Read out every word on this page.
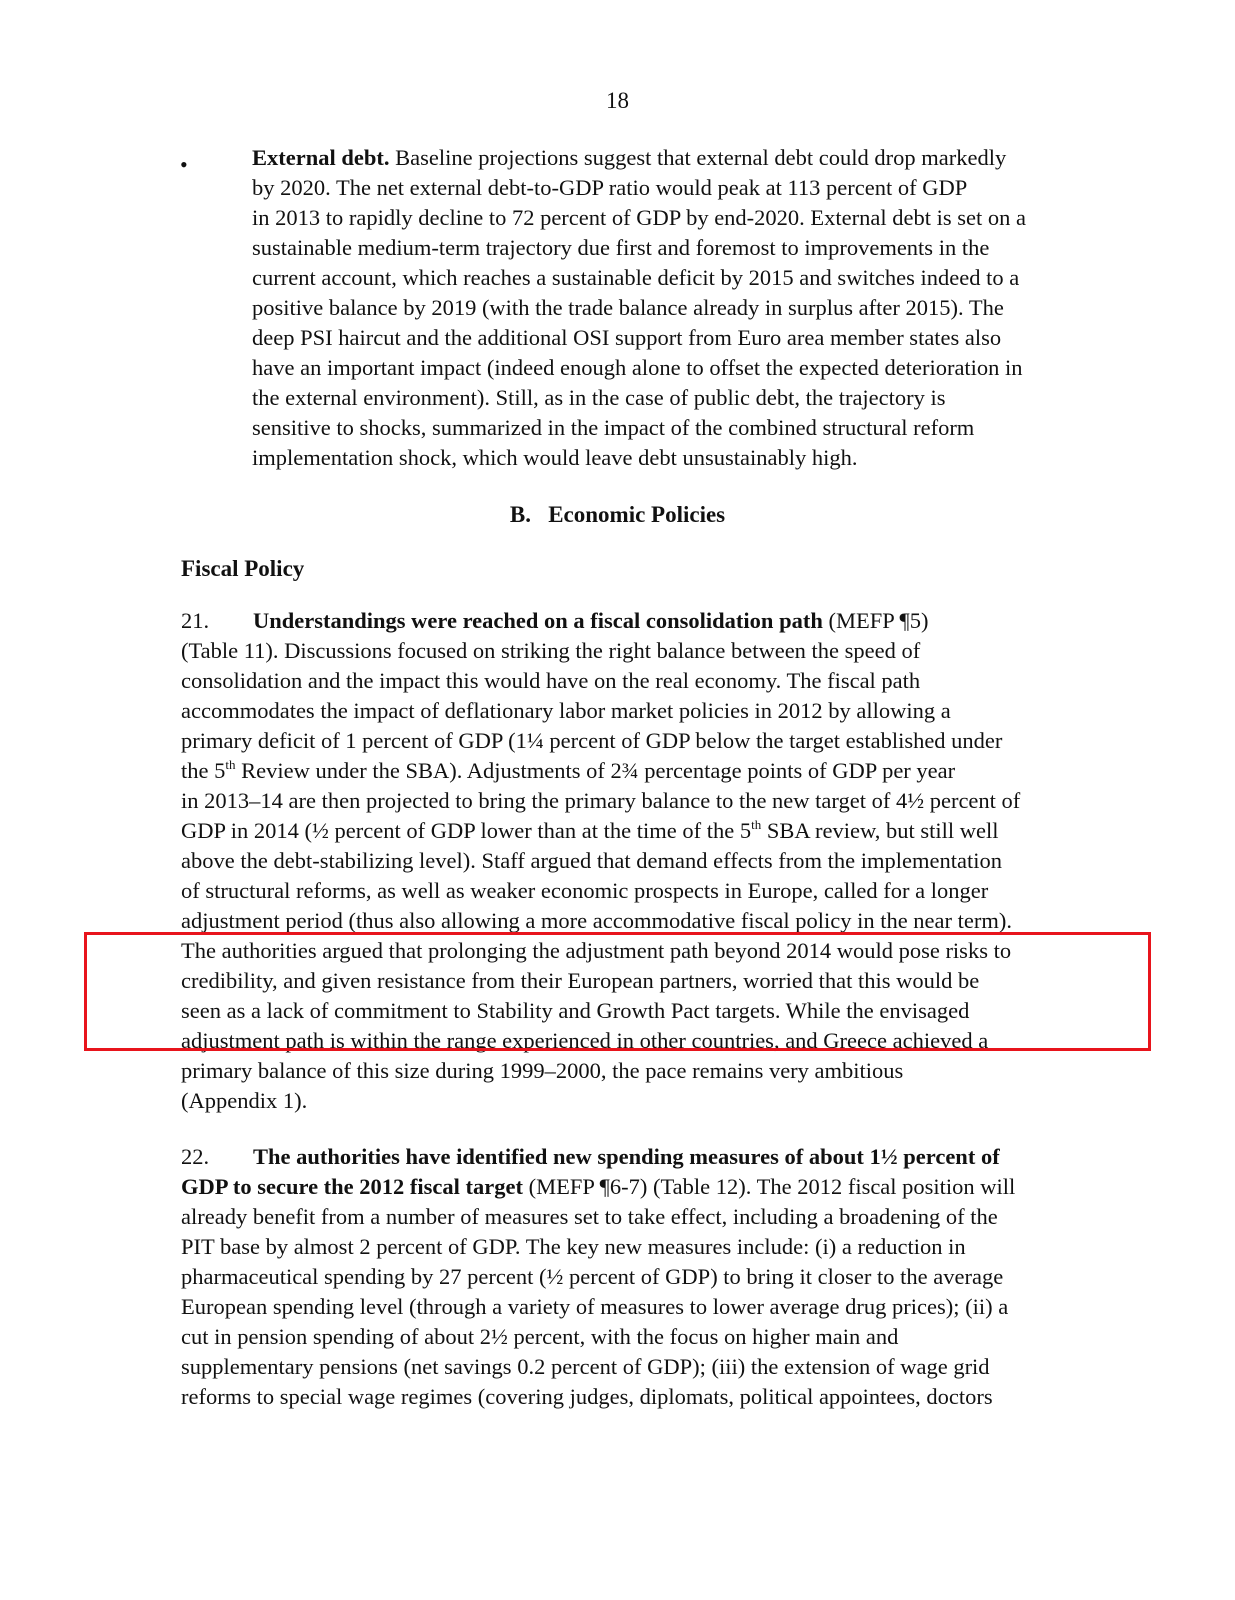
18
•	External debt. Baseline projections suggest that external debt could drop markedly
by 2020. The net external debt-to-GDP ratio would peak at 113 percent of GDP
in 2013 to rapidly decline to 72 percent of GDP by end-2020. External debt is set on a
sustainable medium-term trajectory due first and foremost to improvements in the
current account, which reaches a sustainable deficit by 2015 and switches indeed to a
positive balance by 2019 (with the trade balance already in surplus after 2015). The
deep PSI haircut and the additional OSI support from Euro area member states also
have an important impact (indeed enough alone to offset the expected deterioration in
the external environment). Still, as in the case of public debt, the trajectory is
sensitive to shocks, summarized in the impact of the combined structural reform
implementation shock, which would leave debt unsustainably high.
B.   Economic Policies
Fiscal Policy
21. Understandings were reached on a fiscal consolidation path (MEFP ¶5)
(Table 11). Discussions focused on striking the right balance between the speed of
consolidation and the impact this would have on the real economy. The fiscal path
accommodates the impact of deflationary labor market policies in 2012 by allowing a
primary deficit of 1 percent of GDP (1¼ percent of GDP below the target established under
the 5th Review under the SBA). Adjustments of 2¾ percentage points of GDP per year
in 2013–14 are then projected to bring the primary balance to the new target of 4½ percent of
GDP in 2014 (½ percent of GDP lower than at the time of the 5th SBA review, but still well
above the debt-stabilizing level). Staff argued that demand effects from the implementation
of structural reforms, as well as weaker economic prospects in Europe, called for a longer
adjustment period (thus also allowing a more accommodative fiscal policy in the near term).
The authorities argued that prolonging the adjustment path beyond 2014 would pose risks to
credibility, and given resistance from their European partners, worried that this would be
seen as a lack of commitment to Stability and Growth Pact targets. While the envisaged
adjustment path is within the range experienced in other countries, and Greece achieved a
primary balance of this size during 1999–2000, the pace remains very ambitious
(Appendix 1).
22. The authorities have identified new spending measures of about 1½ percent of
GDP to secure the 2012 fiscal target (MEFP ¶6-7) (Table 12). The 2012 fiscal position will
already benefit from a number of measures set to take effect, including a broadening of the
PIT base by almost 2 percent of GDP. The key new measures include: (i) a reduction in
pharmaceutical spending by 27 percent (½ percent of GDP) to bring it closer to the average
European spending level (through a variety of measures to lower average drug prices); (ii) a
cut in pension spending of about 2½ percent, with the focus on higher main and
supplementary pensions (net savings 0.2 percent of GDP); (iii) the extension of wage grid
reforms to special wage regimes (covering judges, diplomats, political appointees, doctors
